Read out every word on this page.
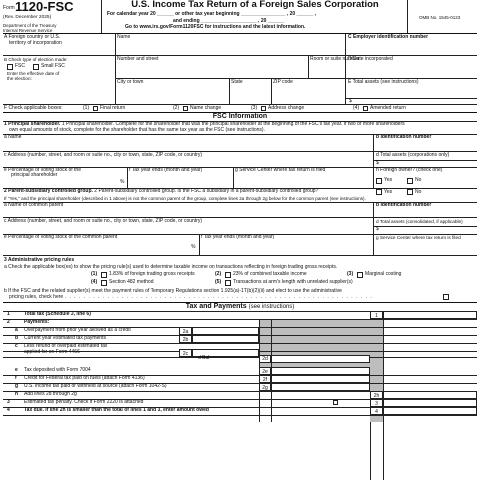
Form 1120-FSC
(Rev. December 2025)
Department of the Treasury
Internal Revenue Service
U.S. Income Tax Return of a Foreign Sales Corporation
For calendar year 20 ______ or other tax year beginning ________________ , 20 ______ ,
and ending ____________________ , 20 ______
Go to www.irs.gov/Form1120FSC for instructions and the latest information.
OMB No. 1545-0123
A Foreign country or U.S.
territory of incorporation
Name	C Employer identification number
B Check type of election made:
FSC	Small FSC
Enter the effective date of
the election:
Number and street	Room or suite number
D Date incorporated
City or town	State	ZIP code	E Total assets (see instructions)
$
F Check applicable boxes:	(1) Final return	(2) Name change	(3) Address change	(4) Amended return
FSC Information
1 Principal shareholder. 1 Principal shareholder. Complete for the shareholder that was the principal shareholder at the beginning of the FSC's tax year. If two or more shareholders
own equal amounts of stock, complete for the shareholder that has the same tax year as the FSC (see instructions).
a Name	b Identification number
c Address (number, street, and room or suite no., city or town, state, ZIP code, or country)	d Total assets (corporations only)
$
e Percentage of voting stock of the
principal shareholder
%
f Tax year ends (month and year)	g Service Center where tax return is filed	h Foreign owner? (check one)
Yes	No
2 Parent-subsidiary controlled group. 2 Parent-subsidiary controlled group. Is the FSC a subsidiary in a parent-subsidiary controlled group?	Yes	No
If "Yes," and the principal shareholder (described in 1 above) is not the common parent of the group, complete lines 2a through 2g below for the common parent (see instructions).
a Name of common parent	b Identification number
c Address (number, street, and room or suite no., city or town, state, ZIP code, or country)	d Total assets (consolidated, if applicable)
$
e Percentage of voting stock of the common parent
%
f Tax year ends (month and year)	g Service Center where tax return is filed
3 Administrative pricing rules
a Check the applicable box(es) to show the pricing rule(s) used to determine taxable income on transactions reflecting in foreign trading gross receipts.
(1) 1.83% of foreign trading gross receipts	(2) 23% of combined taxable income	(3) Marginal costing
(4) Section 482 method	(5) Transactions at arm's length with unrelated supplier(s)
b If the FSC and the related supplier(s) meet the payment rules of Temporary Regulations section 1.925(a)-1T(b)(2)(ii) and elect to use the administrative
pricing rules, check here . . . . . . . . . . . . . . . . . . . . . . . . . . . . . . . . . . . . . . . . . . . . . . . . . . . . . . . . . . . . . . . . .
Tax and Payments (see instructions)
1	Total tax (Schedule J, line 6)	1
2	Payments:
a Overpayment from prior year allowed as a credit	2a
b Current year estimated tax payments	2b
c Less refund of overpaid estimated tax
applied for on Form 4466	2c
e Tax deposited with Form 7004	2e
f Credit for Federal tax paid on fuels (attach Form 4136)	2f
g U.S. income tax paid or withheld at source (attach Form 1042-S)	2g
h Add lines 2d through 2g	2h
3	Estimated tax penalty. Check if Form 2220 is attached	3
4	Tax due. If line 2h is smaller than the total of lines 1 and 3, enter amount owed	4
d Bal	2d
